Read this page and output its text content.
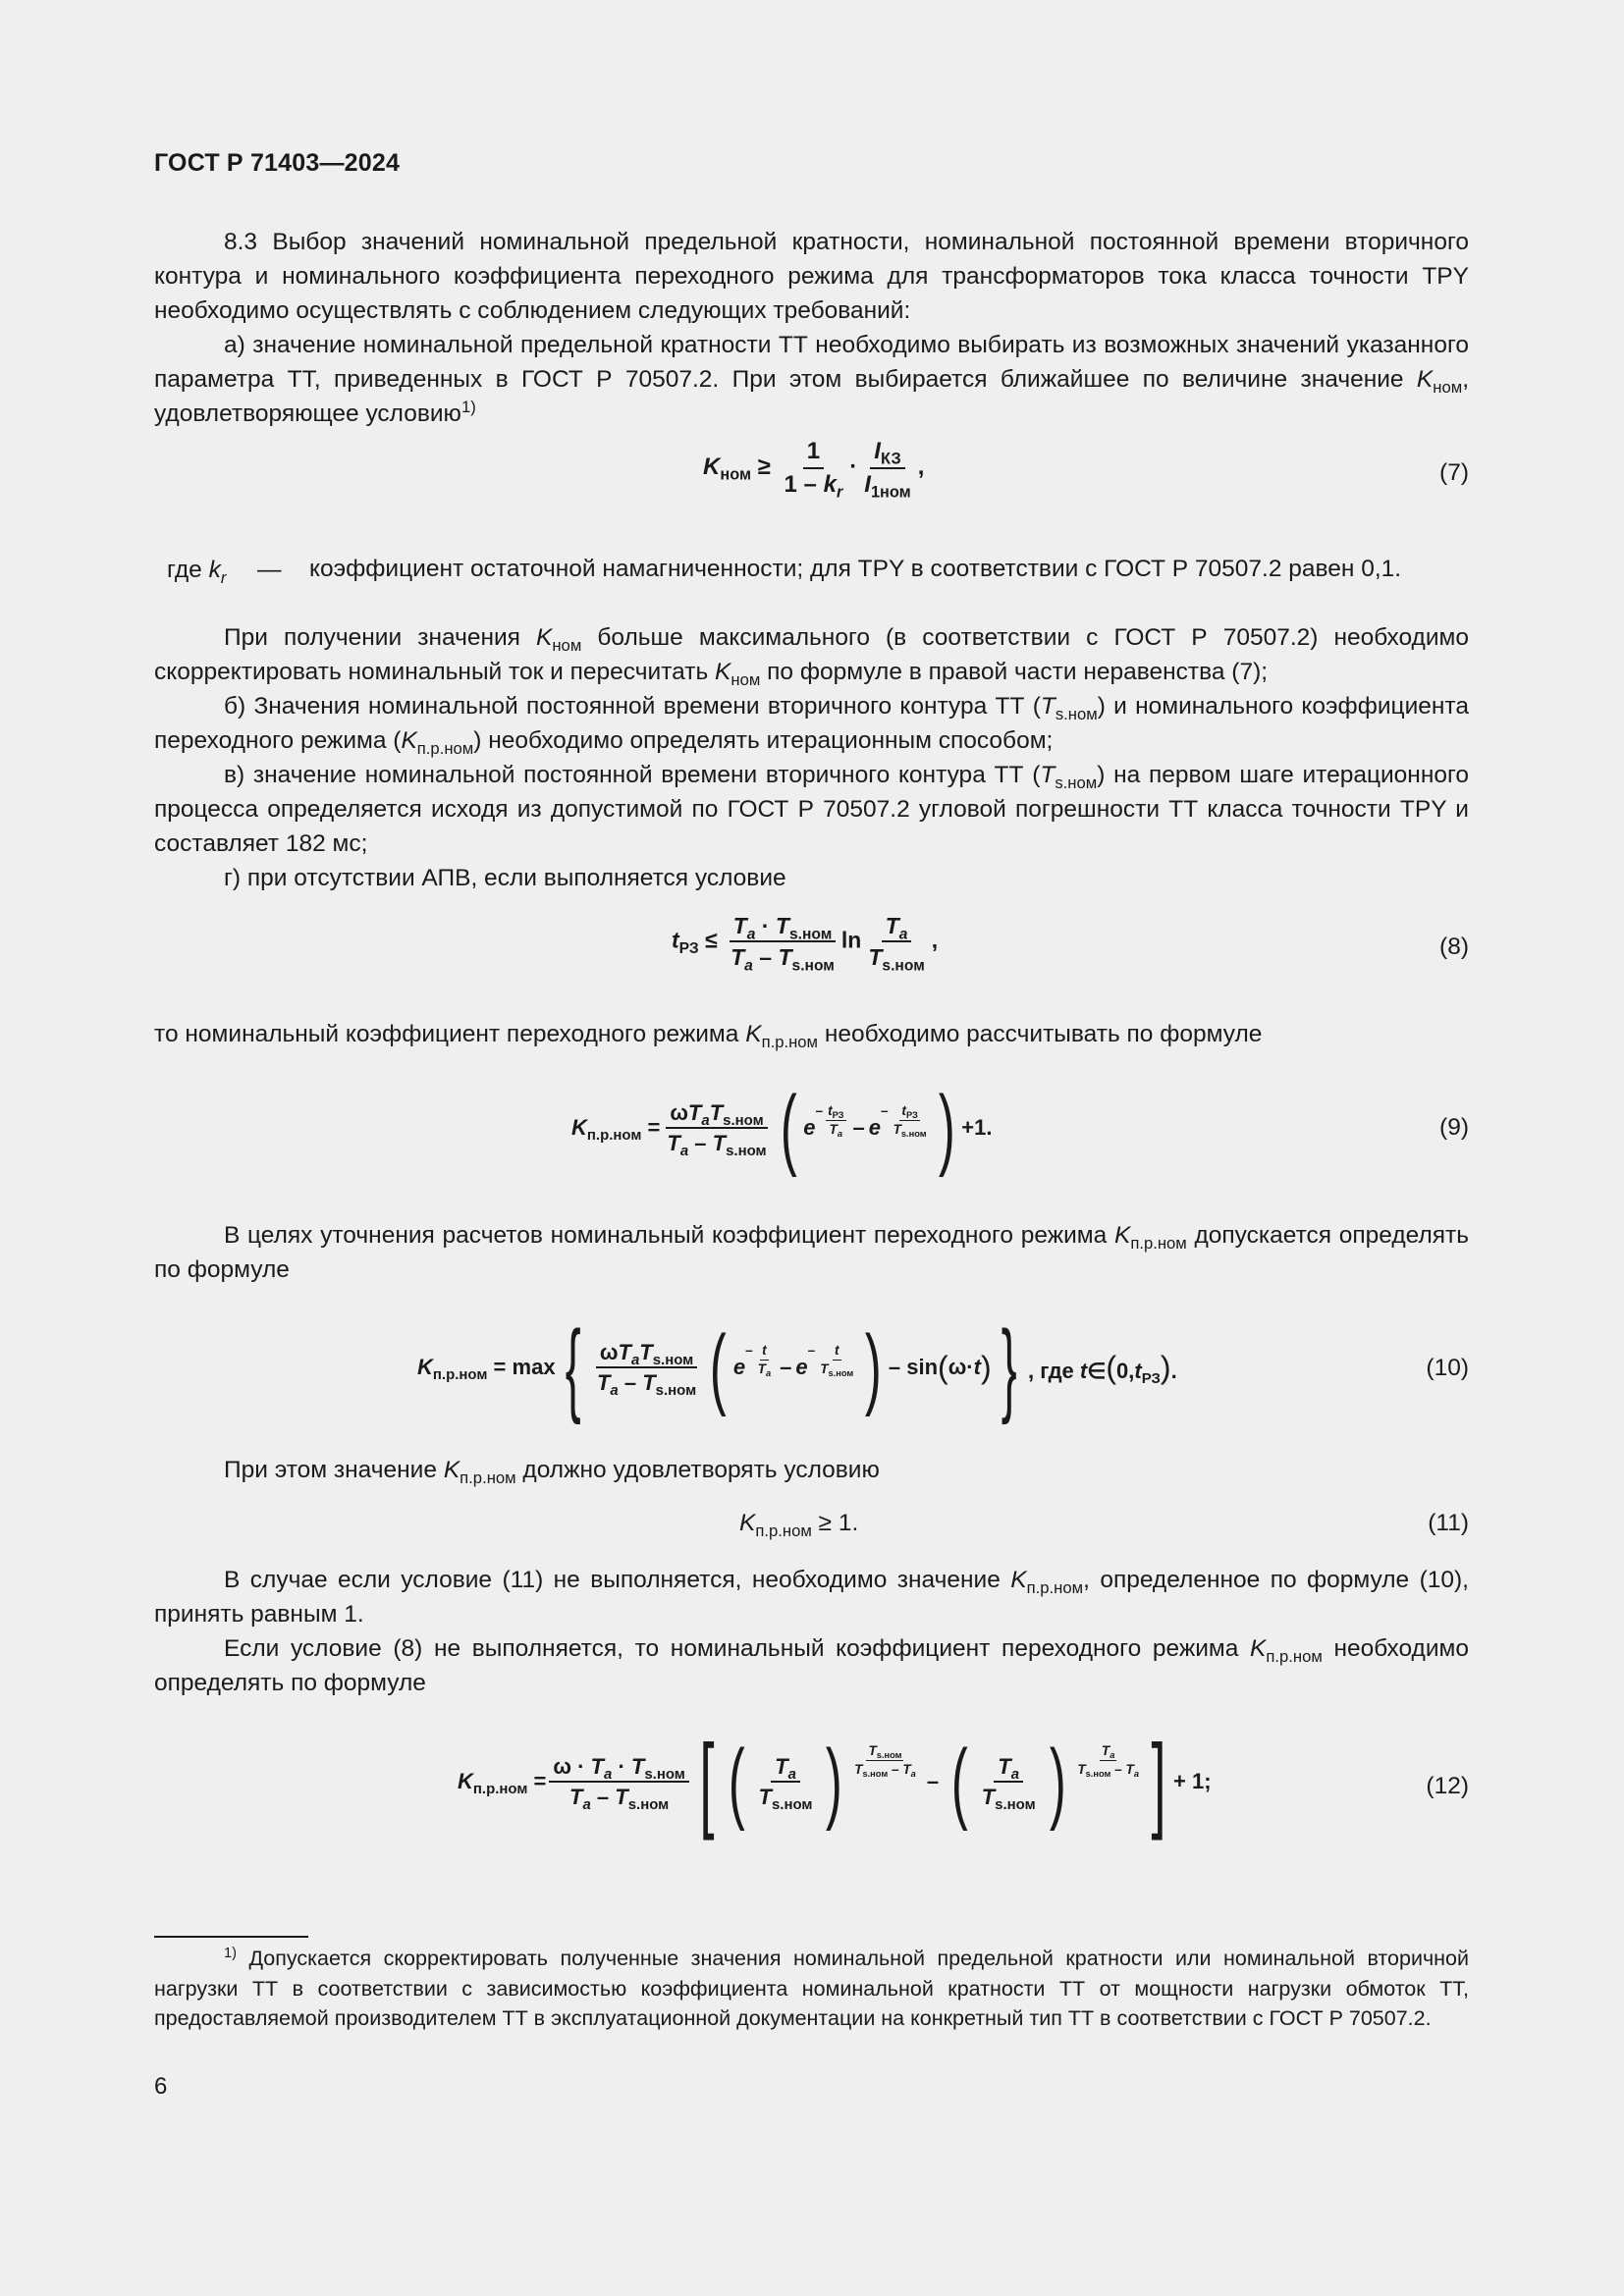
ГОСТ Р 71403—2024

8.3 Выбор значений номинальной предельной кратности, номинальной постоянной времени вторичного контура и номинального коэффициента переходного режима для трансформаторов тока класса точности TPY необходимо осуществлять с соблюдением следующих требований:

а) значение номинальной предельной кратности ТТ необходимо выбирать из возможных значений указанного параметра ТТ, приведенных в ГОСТ Р 70507.2. При этом выбирается ближайшее по величине значение $K_{ном}$, удовлетворяющее условию$^{1)}$

$K_{ном} \ge \frac{1}{1 - k_r} \cdot \frac{I_{КЗ}}{I_{1ном}}$ ,	(7)
где $k_r$ — коэффициент остаточной намагниченности; для TPY в соответствии с ГОСТ Р 70507.2 равен 0,1.

При получении значения $K_{ном}$ больше максимального (в соответствии с ГОСТ Р 70507.2) необходимо скорректировать номинальный ток и пересчитать $K_{ном}$ по формуле в правой части неравенства (7);

б) Значения номинальной постоянной времени вторичного контура ТТ $(T_{s.ном})$ и номинального коэффициента переходного режима $(K_{п.р.ном})$ необходимо определять итерационным способом;

в) значение номинальной постоянной времени вторичного контура ТТ $(T_{s.ном})$ на первом шаге итерационного процесса определяется исходя из допустимой по ГОСТ Р 70507.2 угловой погрешности ТТ класса точности TPY и составляет 182 мс;

г) при отсутствии АПВ, если выполняется условие

$t_{РЗ} \le \frac{T_a \cdot T_{s.ном}}{T_a - T_{s.ном}}$ $\ln \frac{T_a}{T_{s.ном}}$ ,	(8)

то номинальный коэффициент переходного режима $K_{п.р.ном}$ необходимо рассчитывать по формуле

$K_{п.р.ном} = \frac{\omega T_aT_{s.ном}}{T_a - T_{s.ном}}$ ( e
– $\frac{t_{РЗ}}{T_a}$ – e
– $\frac{t_{РЗ}}{T_{s.ном}}$ ) +1.	(9)

В целях уточнения расчетов номинальный коэффициент переходного режима $K_{п.р.ном}$ допускается определять по формуле

$K_{п.р.ном} = \max$ { $\frac{\omega T_aT_{s.ном}}{T_a - T_{s.ном}}$ ( e
– $\frac{t}{T_a}$ – e
– $\frac{t}{T_{s.ном}}$ ) – sin ( ω · t ) } , где $t\in(0,t_{РЗ})$.	(10)

При этом значение $K_{п.р.ном}$ должно удовлетворять условию

$K_{п.р.ном} \ge 1$.	(11)

В случае если условие (11) не выполняется, необходимо значение $K_{п.р.ном}$, определенное по формуле (10), принять равным 1.

Если условие (8) не выполняется, то номинальный коэффициент переходного режима $K_{п.р.ном}$ необходимо определять по формуле

$K_{п.р.ном} = \frac{\omega \cdot T_a \cdot T_{s.ном}}{T_a - T_{s.ном}}$ [ ( $\frac{T_a}{T_{s.ном}}$ ) $\frac{T_{s.ном}}{T_{s.ном} - T_a}$
– ( $\frac{T_a}{T_{s.ном}}$ ) $\frac{T_a}{T_{s.ном} - T_a}$ ] + 1;	(12)

$^{1)}$ Допускается скорректировать полученные значения номинальной предельной кратности или номинальной вторичной нагрузки ТТ в соответствии с зависимостью коэффициента номинальной кратности ТТ от мощности нагрузки обмоток ТТ, предоставляемой производителем ТТ в эксплуатационной документации на конкретный тип ТТ в соответствии с ГОСТ Р 70507.2.

6
